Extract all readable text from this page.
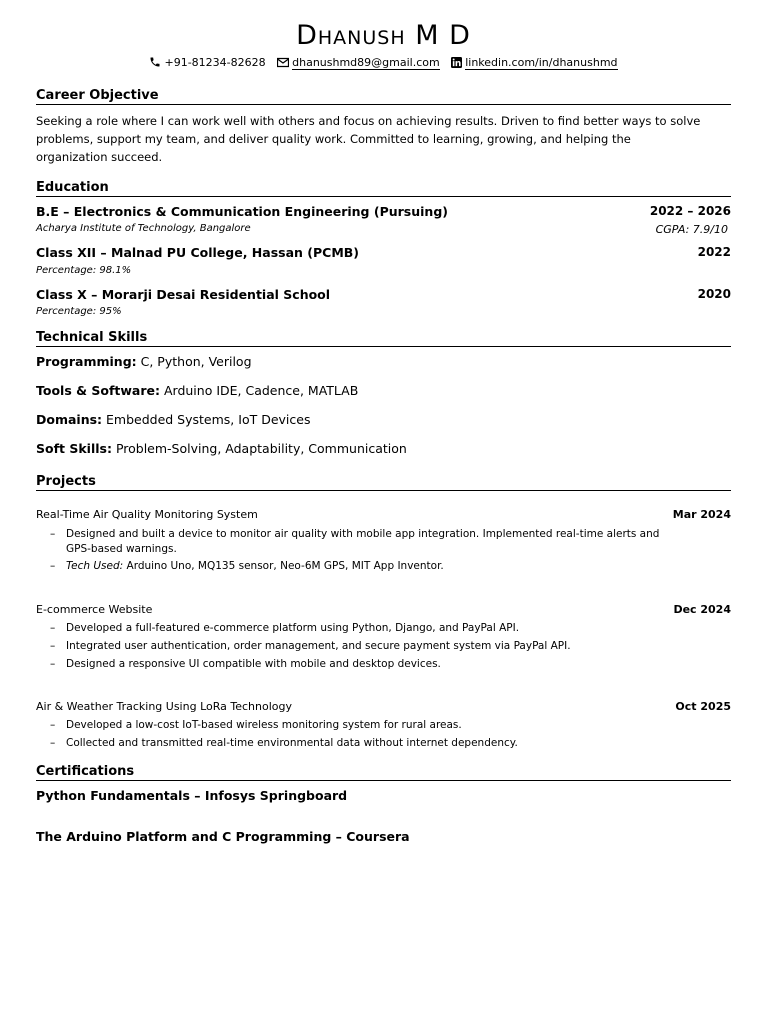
Dhanush M D
+91-81234-82628 dhanushmd89@gmail.com linkedin.com/in/dhanushmd
Career Objective
Seeking a role where I can work well with others and focus on achieving results. Driven to find better ways to solve
problems, support my team, and deliver quality work. Committed to learning, growing, and helping the
organization succeed.
Education
B.E – Electronics & Communication Engineering (Pursuing)	2022 – 2026
Acharya Institute of Technology, Bangalore	CGPA: 7.9/10
Class XII – Malnad PU College, Hassan (PCMB)	2022
Percentage: 98.1%
Class X – Morarji Desai Residential School	2020
Percentage: 95%
Technical Skills
Programming: C, Python, Verilog
Tools & Software: Arduino IDE, Cadence, MATLAB
Domains: Embedded Systems, IoT Devices
Soft Skills: Problem-Solving, Adaptability, Communication
Projects
Real-Time Air Quality Monitoring System	Mar 2024
– Designed and built a device to monitor air quality with mobile app integration. Implemented real-time alerts and
GPS-based warnings.
– Tech Used: Arduino Uno, MQ135 sensor, Neo-6M GPS, MIT App Inventor.
E-commerce Website	Dec 2024
– Developed a full-featured e-commerce platform using Python, Django, and PayPal API.
– Integrated user authentication, order management, and secure payment system via PayPal API.
– Designed a responsive UI compatible with mobile and desktop devices.
Air & Weather Tracking Using LoRa Technology	Oct 2025
– Developed a low-cost IoT-based wireless monitoring system for rural areas.
– Collected and transmitted real-time environmental data without internet dependency.
Certifications
Python Fundamentals – Infosys Springboard
The Arduino Platform and C Programming – Coursera
